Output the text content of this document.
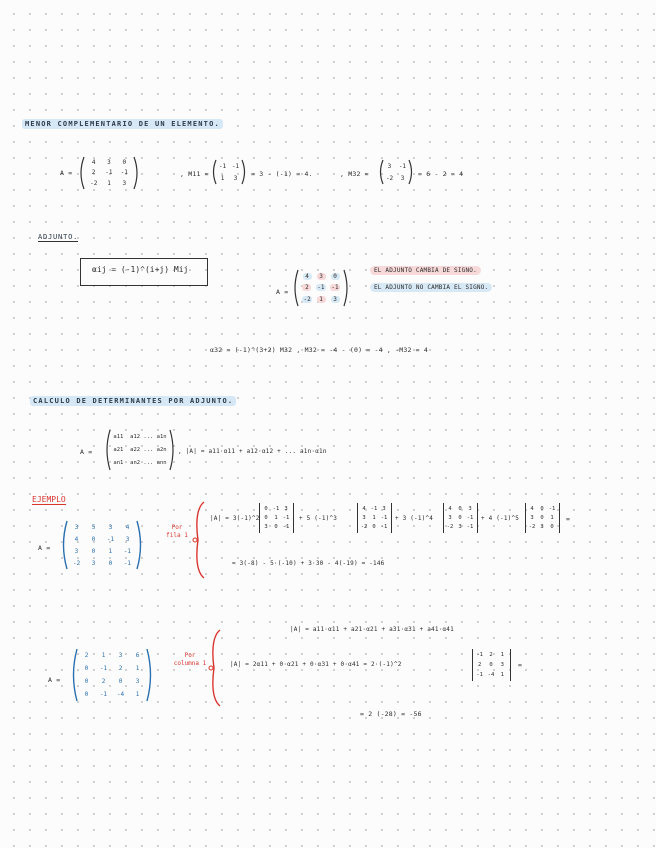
MENOR COMPLEMENTARIO DE UN ELEMENTO.
A =
4 3 0
2 -1 -1
-2 1 3
, M11 =
-1 -1
1 3 = 3 - (-1) = 4.	, M32 =
3 -1
-2 3 = 6 - 2 = 4
ADJUNTO.
αij = (-1)^(i+j) Mij
A =
4	3	0
2	-1 -1
-2	1	3
EL ADJUNTO CAMBIA DE SIGNO.
EL ADJUNTO NO CAMBIA EL SIGNO.
α32 = (-1)^(3+2) M32 , M32 = -4 - (0) = -4 , -M32 = 4
CALCULO DE DETERMINANTES POR ADJUNTO.
A =
a11 a12 ... a1n
a21 a22 ... a2n
an1 an2 ... ann
, |A| = a11·α11 + a12·α12 + ... a1n·α1n
EJEMPLO
A =
3 5 3 4
4 0 -1 3
3 0 1 -1
-2 3 0 -1
Por fila 1
|A| = 3(-1)^2
0 -1 3
0	1 -1
3	0 -1
+ 5 (-1)^3
4 -1 3
3	1 -1
-2 0 -1
+ 3 (-1)^4
4	0	3
3	0 -1
-2 3 -1
+ 4 (-1)^5
4	0 -1
3	0	1
-2 3	0
=
= 3(-8) - 5·(-10) + 3·30 - 4(-19) = -146
|A| = a11·α11 + a21·α21 + a31·α31 + a41·α41
A =
2 1 3 6
0 -1 2 1
0 2 0 3
0 -1 -4 1
Por columna 1	|A| = 2α11 + 0·α21 + 0·α31 + 0·α41 = 2·(-1)^2
-1	2	1
2	0	3
-1 -4	1
=
= 2 (-28) = -56
